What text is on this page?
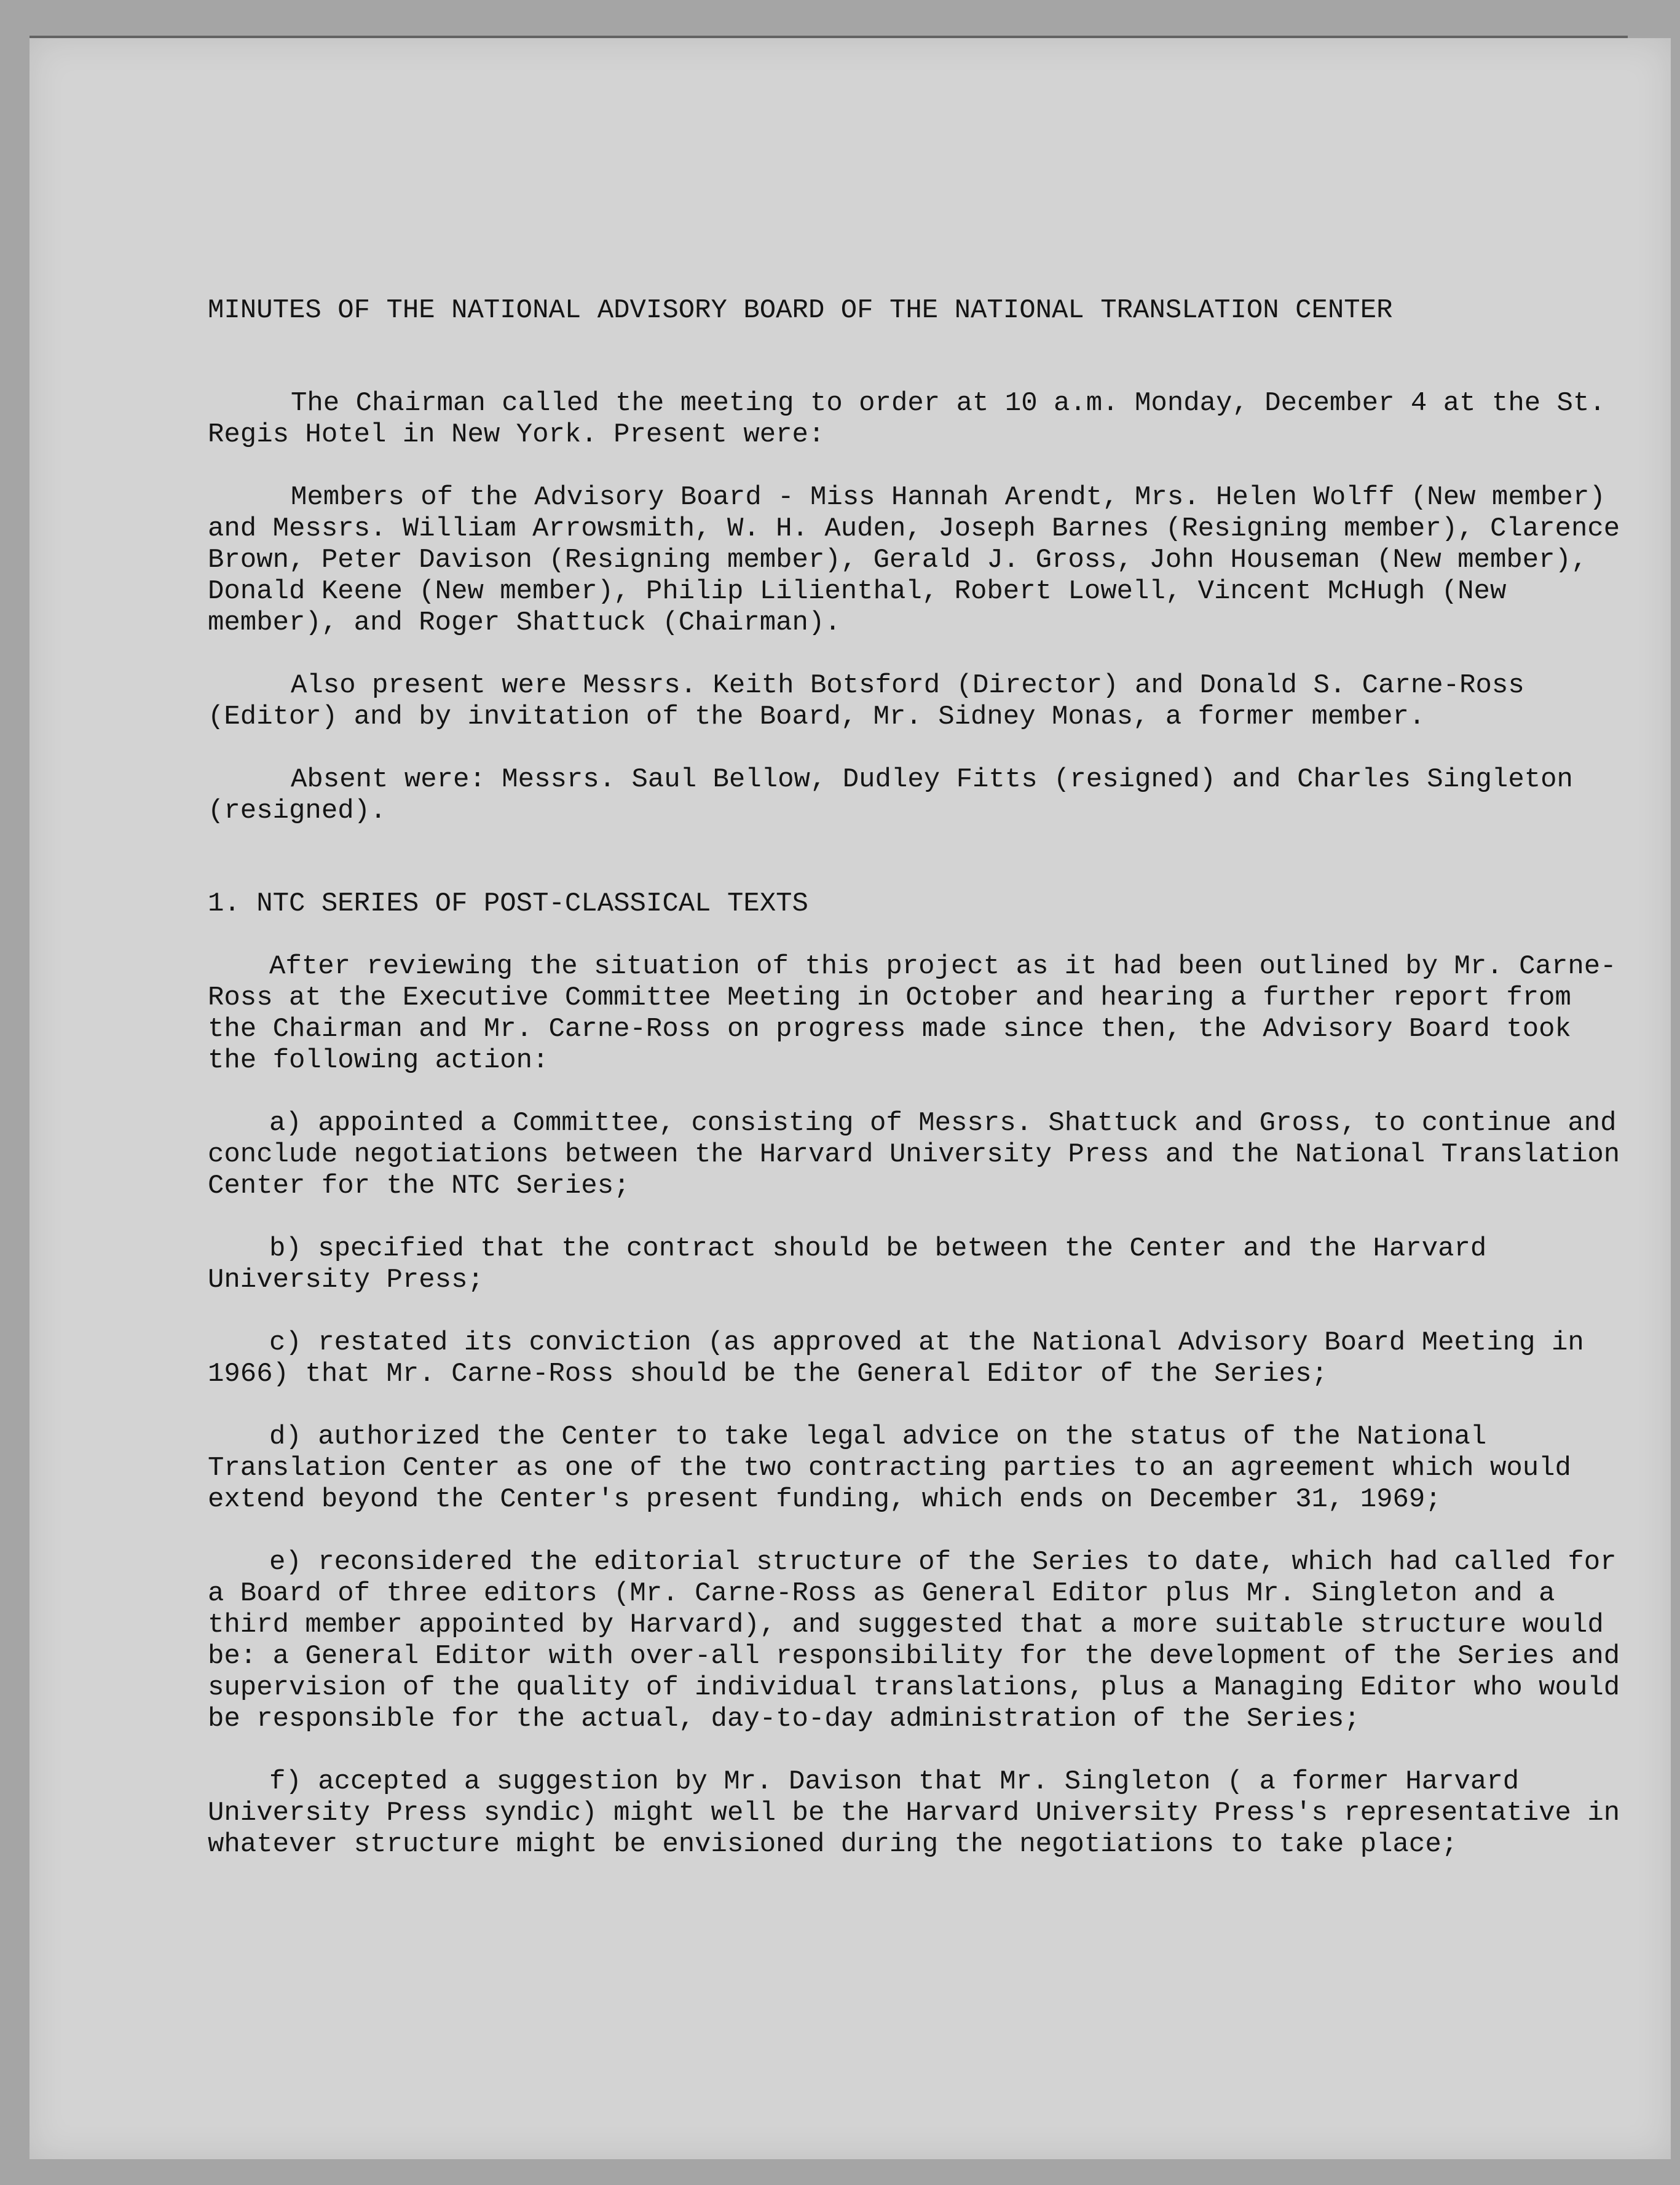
MINUTES OF THE NATIONAL ADVISORY BOARD OF THE NATIONAL TRANSLATION CENTER

The Chairman called the meeting to order at 10 a.m. Monday, December 4 at the St. Regis Hotel in New York. Present were:

Members of the Advisory Board - Miss Hannah Arendt, Mrs. Helen Wolff (New member) and Messrs. William Arrowsmith, W. H. Auden, Joseph Barnes (Resigning member), Clarence Brown, Peter Davison (Resigning member), Gerald J. Gross, John Houseman (New member), Donald Keene (New member), Philip Lilienthal, Robert Lowell, Vincent McHugh (New member), and Roger Shattuck (Chairman).

Also present were Messrs. Keith Botsford (Director) and Donald S. Carne-Ross (Editor) and by invitation of the Board, Mr. Sidney Monas, a former member.

Absent were: Messrs. Saul Bellow, Dudley Fitts (resigned) and Charles Singleton (resigned).

1. NTC SERIES OF POST-CLASSICAL TEXTS

After reviewing the situation of this project as it had been outlined by Mr. Carne-Ross at the Executive Committee Meeting in October and hearing a further report from the Chairman and Mr. Carne-Ross on progress made since then, the Advisory Board took the following action:

a) appointed a Committee, consisting of Messrs. Shattuck and Gross, to continue and conclude negotiations between the Harvard University Press and the National Translation Center for the NTC Series;

b) specified that the contract should be between the Center and the Harvard University Press;

c) restated its conviction (as approved at the National Advisory Board Meeting in 1966) that Mr. Carne-Ross should be the General Editor of the Series;

d) authorized the Center to take legal advice on the status of the National Translation Center as one of the two contracting parties to an agreement which would extend beyond the Center's present funding, which ends on December 31, 1969;

e) reconsidered the editorial structure of the Series to date, which had called for a Board of three editors (Mr. Carne-Ross as General Editor plus Mr. Singleton and a third member appointed by Harvard), and suggested that a more suitable structure would be: a General Editor with over-all responsibility for the development of the Series and supervision of the quality of individual translations, plus a Managing Editor who would be responsible for the actual, day-to-day administration of the Series;

f) accepted a suggestion by Mr. Davison that Mr. Singleton ( a former Harvard University Press syndic) might well be the Harvard University Press's representative in whatever structure might be envisioned during the negotiations to take place;
